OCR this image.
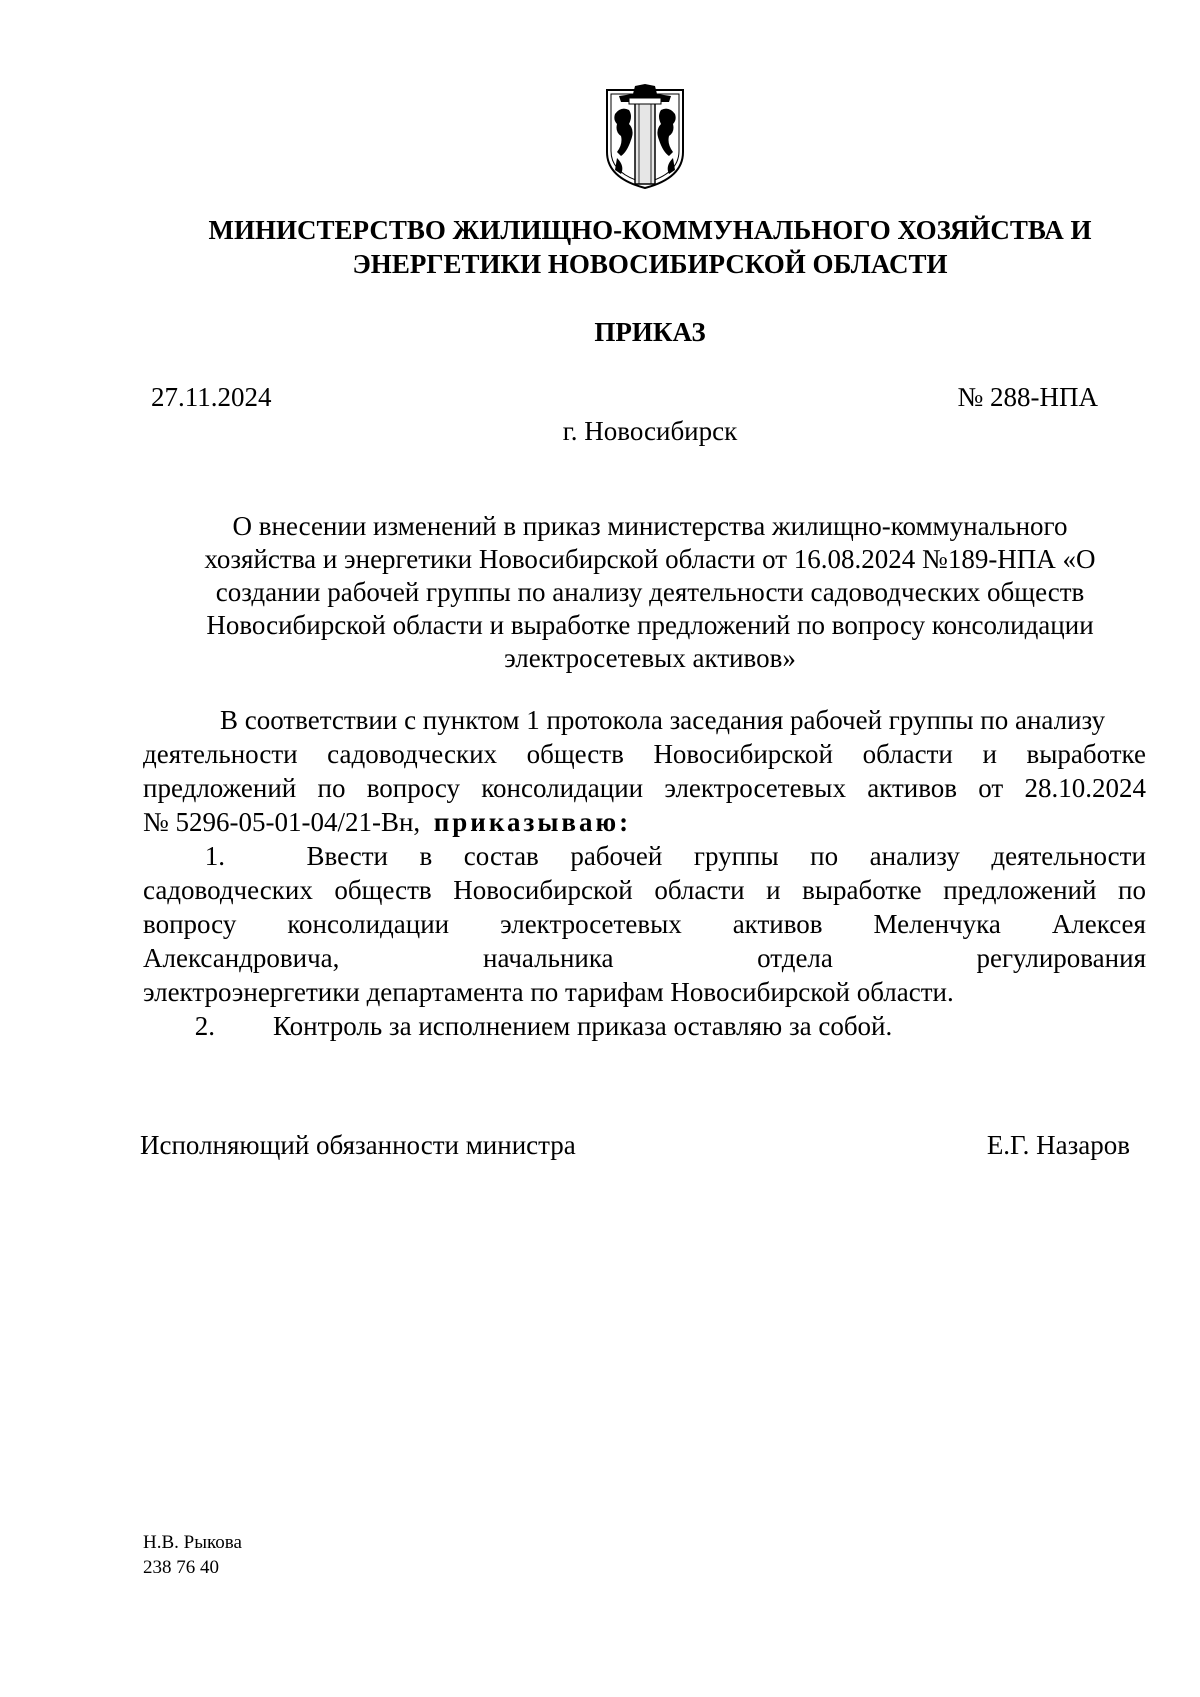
МИНИСТЕРСТВО ЖИЛИЩНО-КОММУНАЛЬНОГО ХОЗЯЙСТВА И
ЭНЕРГЕТИКИ НОВОСИБИРСКОЙ ОБЛАСТИ
ПРИКАЗ
27.11.2024	№ 288-НПА
г. Новосибирск
О внесении изменений в приказ министерства жилищно-коммунального
хозяйства и энергетики Новосибирской области от 16.08.2024 №189-НПА «О
создании рабочей группы по анализу деятельности садоводческих обществ
Новосибирской области и выработке предложений по вопросу консолидации
электросетевых активов»
В соответствии с пунктом 1 протокола заседания рабочей группы по анализу
деятельности садоводческих обществ Новосибирской области и выработке
предложений по вопросу консолидации электросетевых активов от 28.10.2024
№ 5296-05-01-04/21-Вн, приказываю:
1.	Ввести в состав рабочей группы по анализу деятельности
садоводческих обществ Новосибирской области и выработке предложений по
вопросу консолидации электросетевых активов Меленчука Алексея
Александровича,	начальника	отдела	регулирования
электроэнергетики департамента по тарифам Новосибирской области.
2. Контроль за исполнением приказа оставляю за собой.
Исполняющий обязанности министра	Е.Г. Назаров
Н.В. Рыкова
238 76 40
